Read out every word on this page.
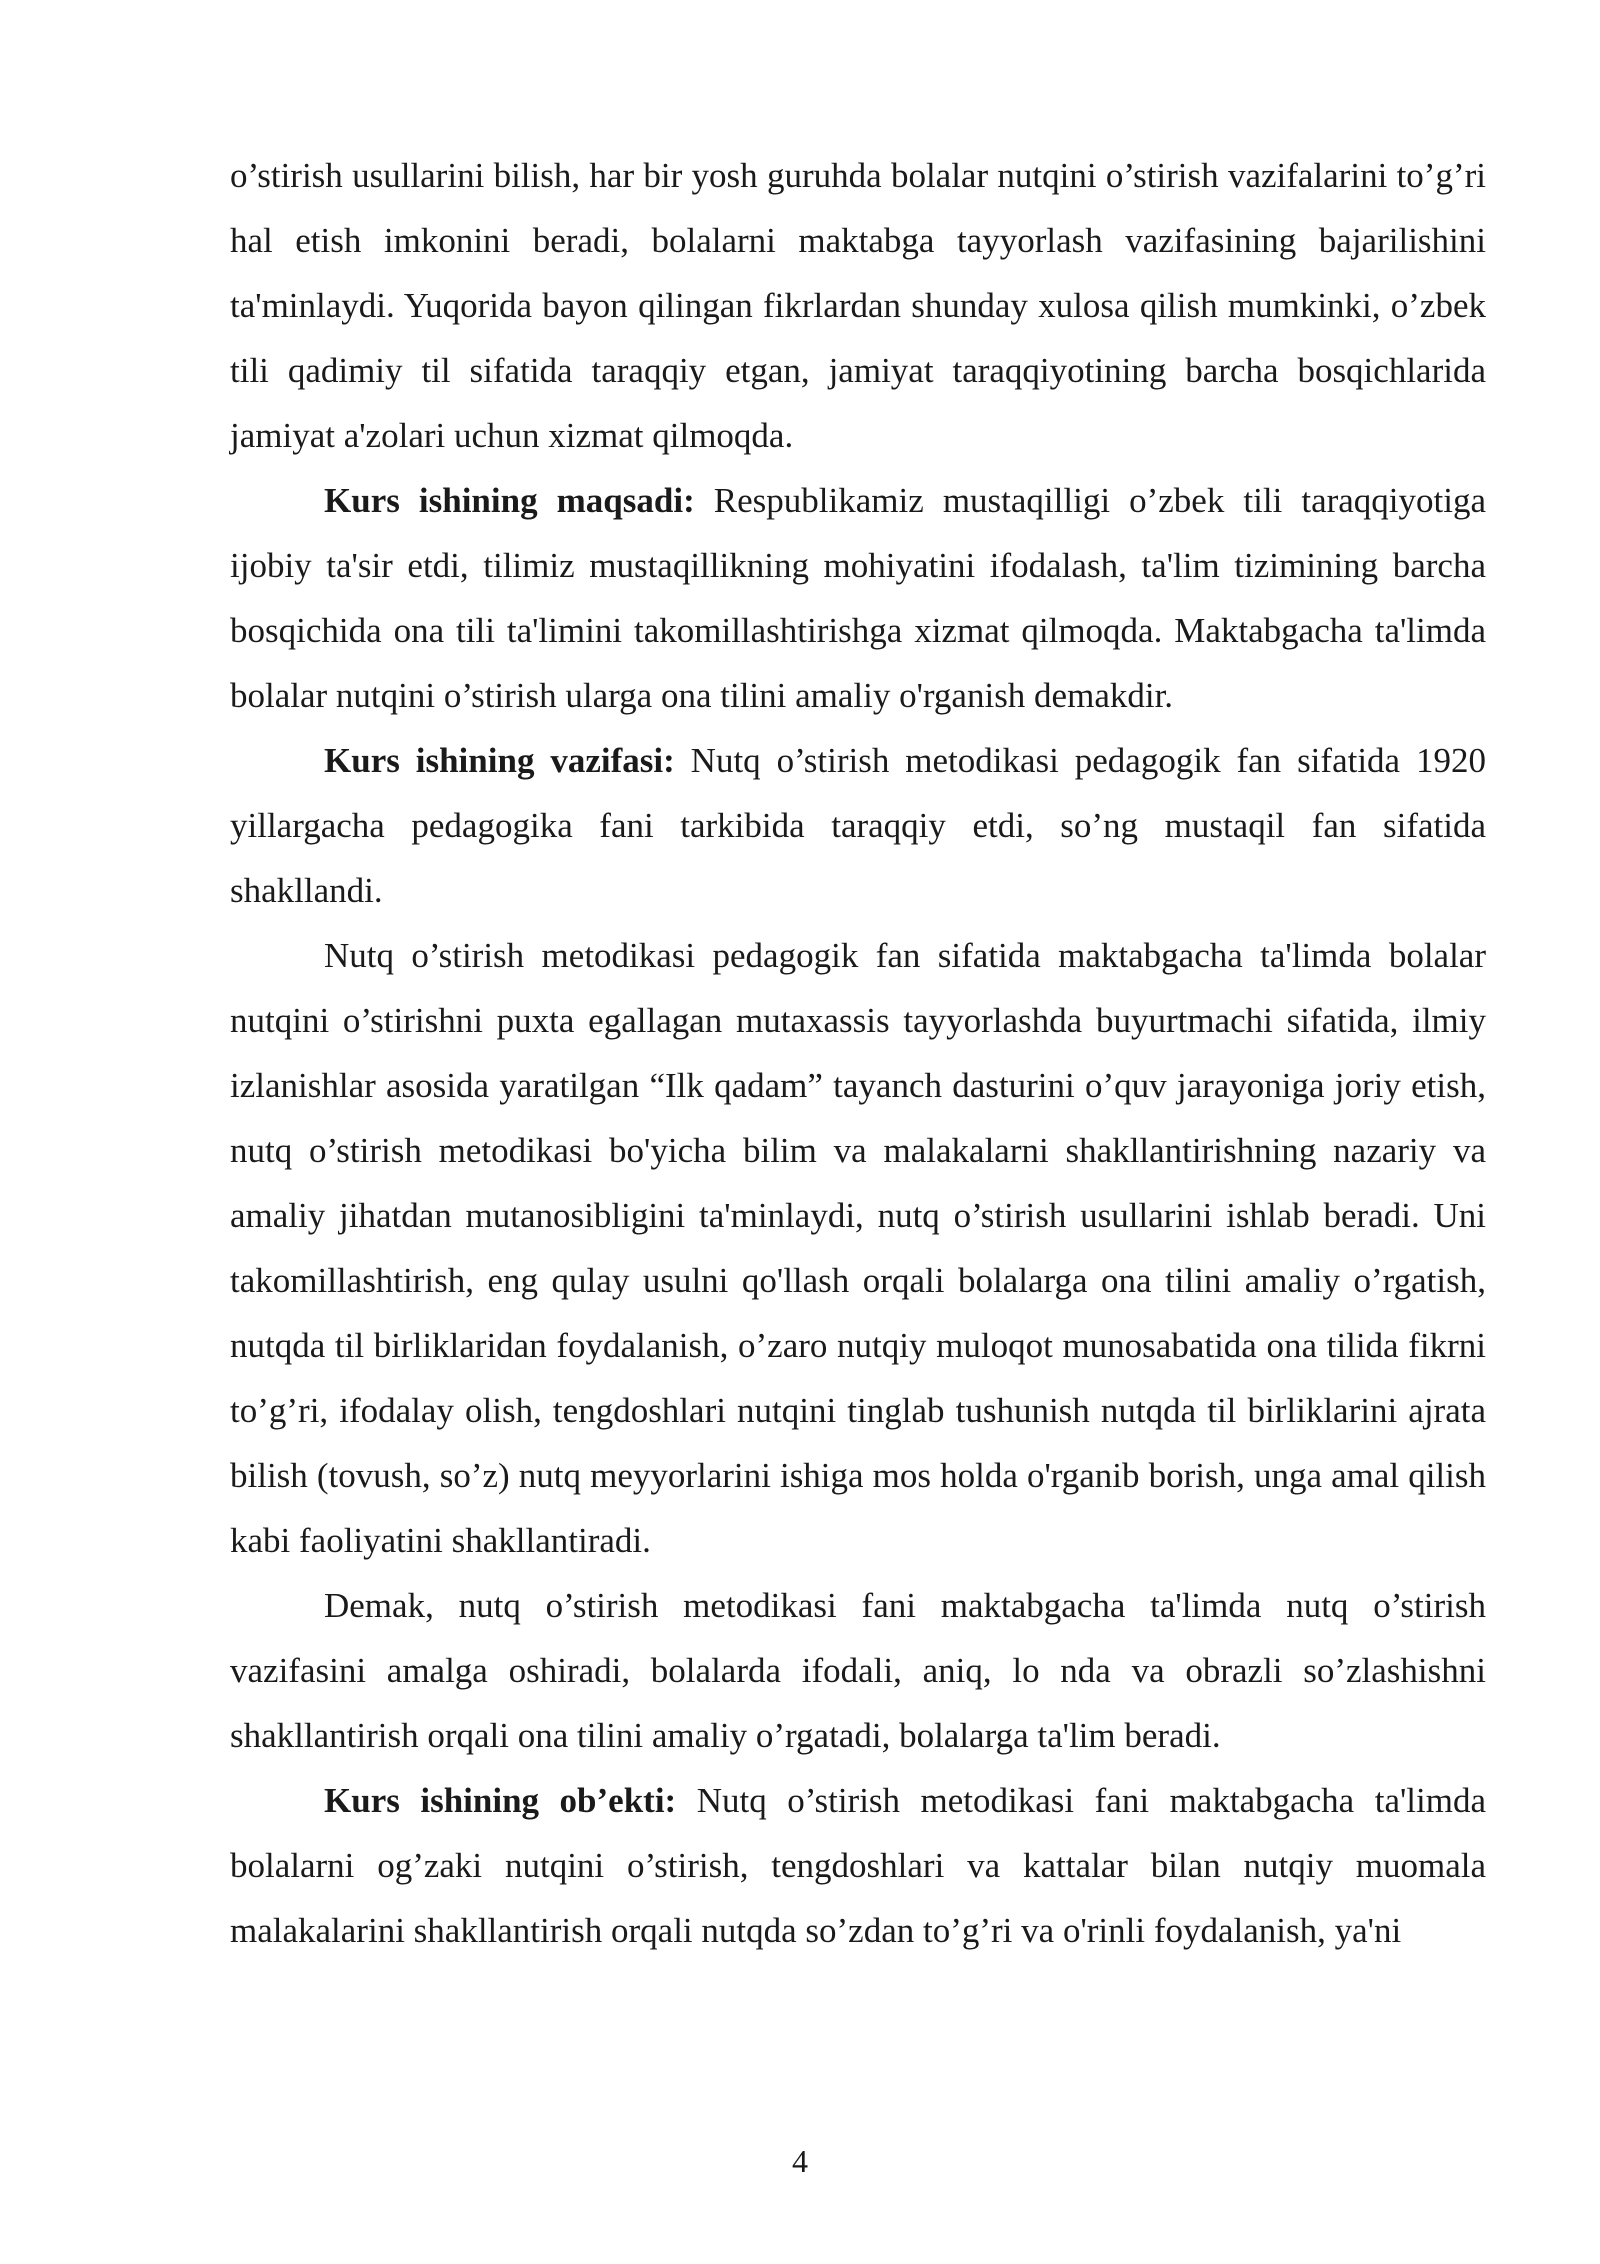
o’stirish usullarini bilish, har bir yosh guruhda bolalar nutqini o’stirish vazifalarini to’g’ri hal etish imkonini beradi, bolalarni maktabga tayyorlash vazifasining bajarilishini ta'minlaydi. Yuqorida bayon qilingan fikrlardan shunday xulosa qilish mumkinki, o’zbek tili qadimiy til sifatida taraqqiy etgan, jamiyat taraqqiyotining barcha bosqichlarida jamiyat a'zolari uchun xizmat qilmoqda.

Kurs ishining maqsadi: Respublikamiz mustaqilligi o’zbek tili taraqqiyotiga ijobiy ta'sir etdi, tilimiz mustaqillikning mohiyatini ifodalash, ta'lim tizimining barcha bosqichida ona tili ta'limini takomillashtirishga xizmat qilmoqda. Maktabgacha ta'limda bolalar nutqini o’stirish ularga ona tilini amaliy o'rganish demakdir.

Kurs ishining vazifasi: Nutq o’stirish metodikasi pedagogik fan sifatida 1920 yillargacha pedagogika fani tarkibida taraqqiy etdi, so’ng mustaqil fan sifatida shakllandi.

Nutq o’stirish metodikasi pedagogik fan sifatida maktabgacha ta'limda bolalar nutqini o’stirishni puxta egallagan mutaxassis tayyorlashda buyurtmachi sifatida, ilmiy izlanishlar asosida yaratilgan “Ilk qadam” tayanch dasturini o’quv jarayoniga joriy etish, nutq o’stirish metodikasi bo'yicha bilim va malakalarni shakllantirishning nazariy va amaliy jihatdan mutanosibligini ta'minlaydi, nutq o’stirish usullarini ishlab beradi. Uni takomillashtirish, eng qulay usulni qo'llash orqali bolalarga ona tilini amaliy o’rgatish, nutqda til birliklaridan foydalanish, o’zaro nutqiy muloqot munosabatida ona tilida fikrni to’g’ri, ifodalay olish, tengdoshlari nutqini tinglab tushunish nutqda til birliklarini ajrata bilish (tovush, so’z) nutq meyyorlarini ishiga mos holda o'rganib borish, unga amal qilish kabi faoliyatini shakllantiradi.

Demak, nutq o’stirish metodikasi fani maktabgacha ta'limda nutq o’stirish vazifasini amalga oshiradi, bolalarda ifodali, aniq, lo nda va obrazli so’zlashishni shakllantirish orqali ona tilini amaliy o’rgatadi, bolalarga ta'lim beradi.

Kurs ishining ob’ekti: Nutq o’stirish metodikasi fani maktabgacha ta'limda bolalarni og’zaki nutqini o’stirish, tengdoshlari va kattalar bilan nutqiy muomala malakalarini shakllantirish orqali nutqda so’zdan to’g’ri va o'rinli foydalanish, ya'ni

4
